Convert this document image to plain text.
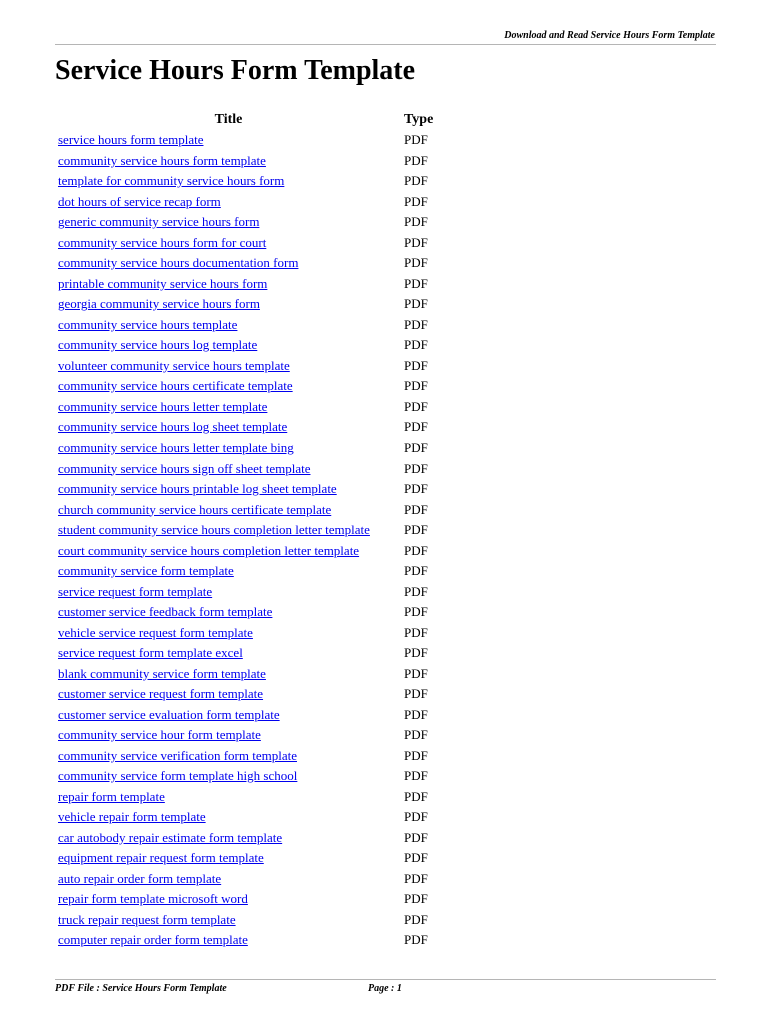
Download and Read Service Hours Form Template
Service Hours Form Template
Title	Type
service hours form template	PDF
community service hours form template	PDF
template for community service hours form	PDF
dot hours of service recap form	PDF
generic community service hours form	PDF
community service hours form for court	PDF
community service hours documentation form	PDF
printable community service hours form	PDF
georgia community service hours form	PDF
community service hours template	PDF
community service hours log template	PDF
volunteer community service hours template	PDF
community service hours certificate template	PDF
community service hours letter template	PDF
community service hours log sheet template	PDF
community service hours letter template bing	PDF
community service hours sign off sheet template	PDF
community service hours printable log sheet template	PDF
church community service hours certificate template	PDF
student community service hours completion letter template	PDF
court community service hours completion letter template	PDF
community service form template	PDF
service request form template	PDF
customer service feedback form template	PDF
vehicle service request form template	PDF
service request form template excel	PDF
blank community service form template	PDF
customer service request form template	PDF
customer service evaluation form template	PDF
community service hour form template	PDF
community service verification form template	PDF
community service form template high school	PDF
repair form template	PDF
vehicle repair form template	PDF
car autobody repair estimate form template	PDF
equipment repair request form template	PDF
auto repair order form template	PDF
repair form template microsoft word	PDF
truck repair request form template	PDF
computer repair order form template	PDF
PDF File : Service Hours Form Template	Page : 1
